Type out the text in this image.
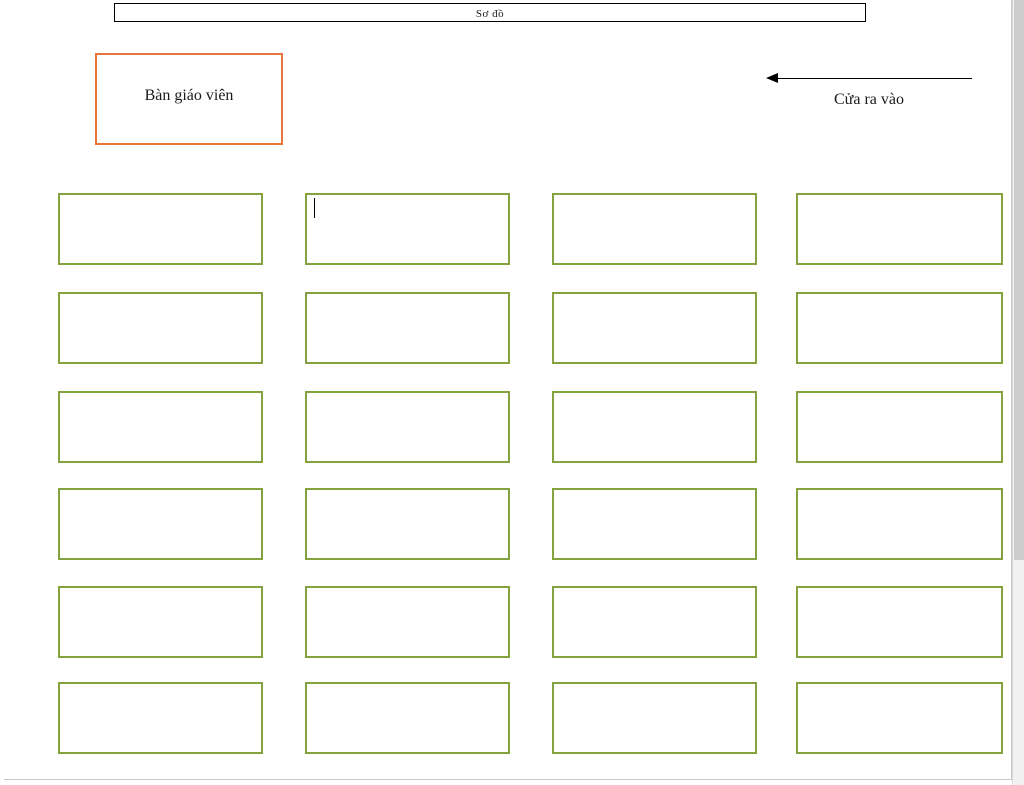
Sơ đồ
Bàn giáo viên	Cửa ra vào
